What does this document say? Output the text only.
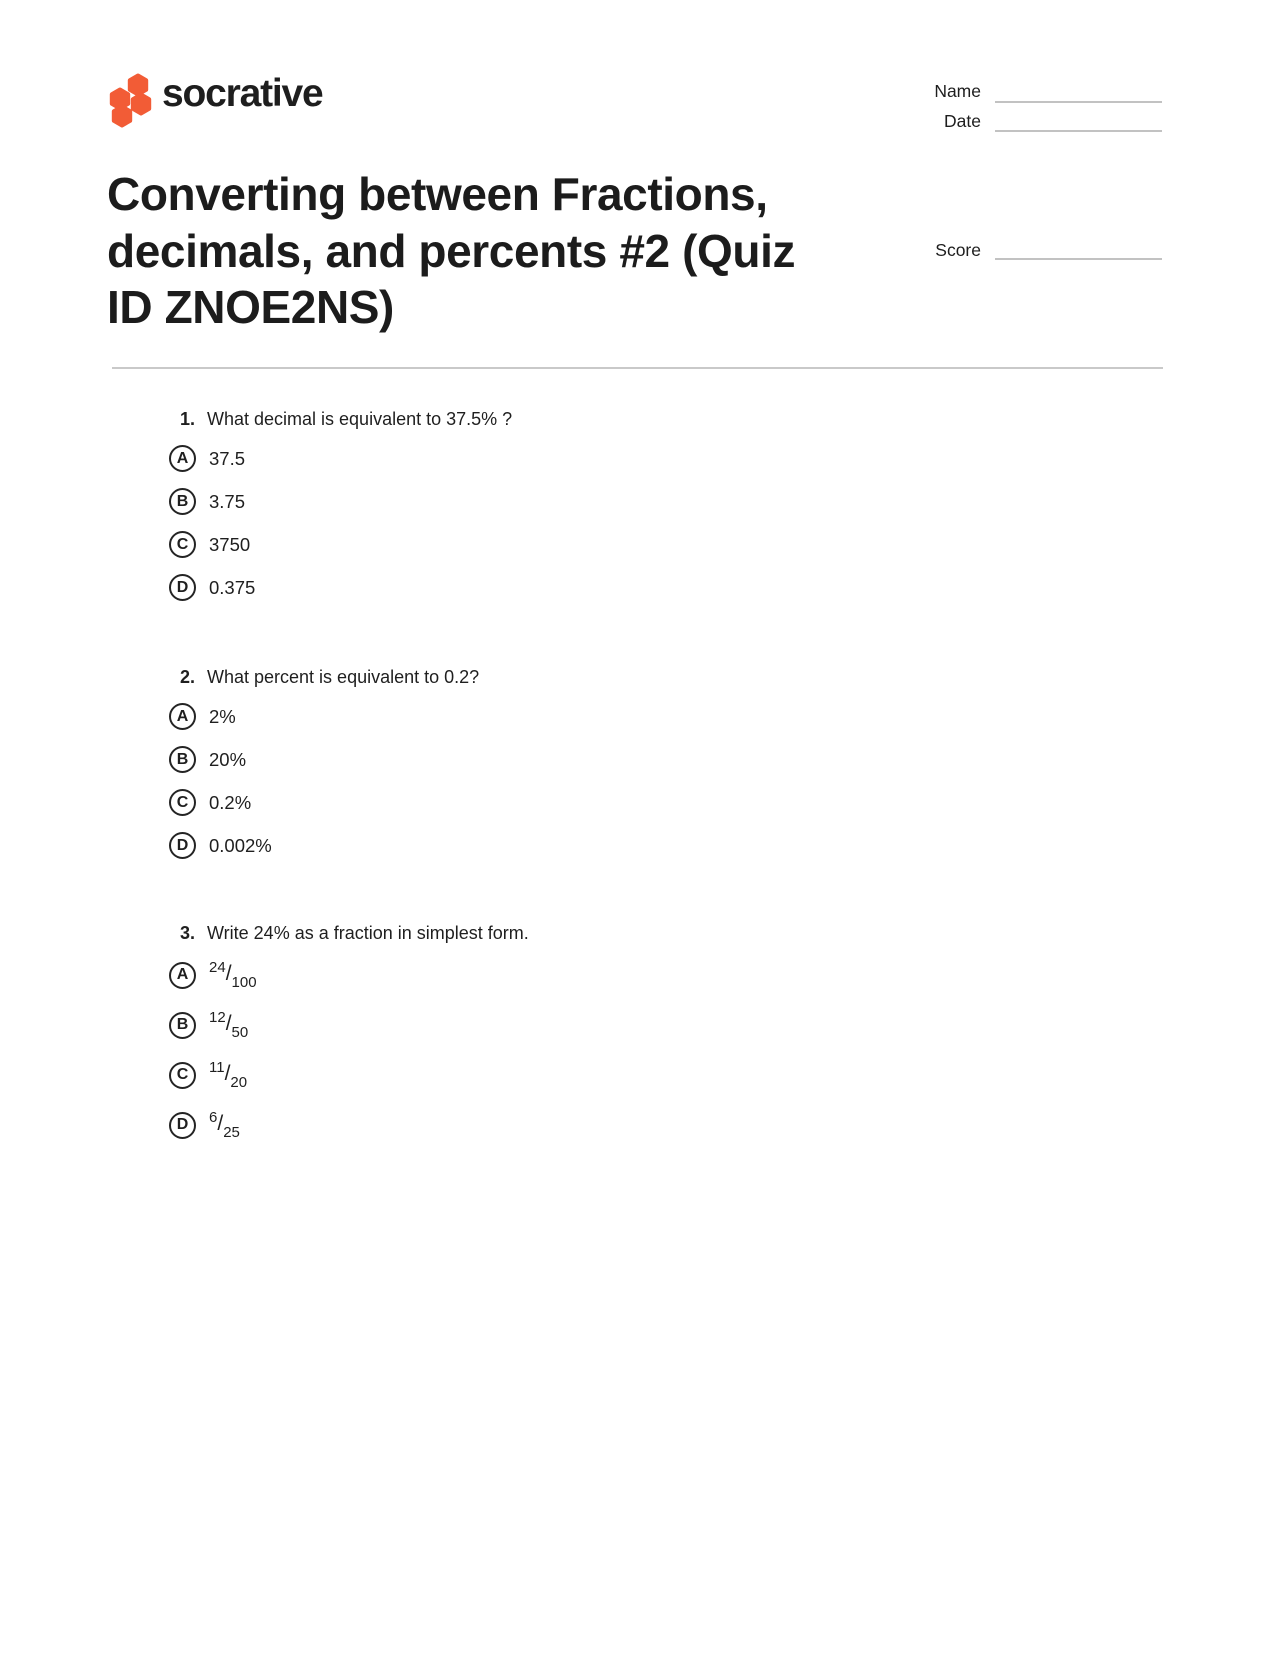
socrative	Name
Date
Score
Converting between Fractions,
decimals, and percents #2 (Quiz
ID ZNOE2NS)
1. What decimal is equivalent to 37.5% ?
A 37.5
B 3.75
C 3750
D 0.375
2. What percent is equivalent to 0.2?
A 2%
B 20%
C 0.2%
D 0.002%
3. Write 24% as a fraction in simplest form.
A $^{24}/_{100}$
B $^{12}/_{50}$
C $^{11}/_{20}$
D $^6/_{25}$
